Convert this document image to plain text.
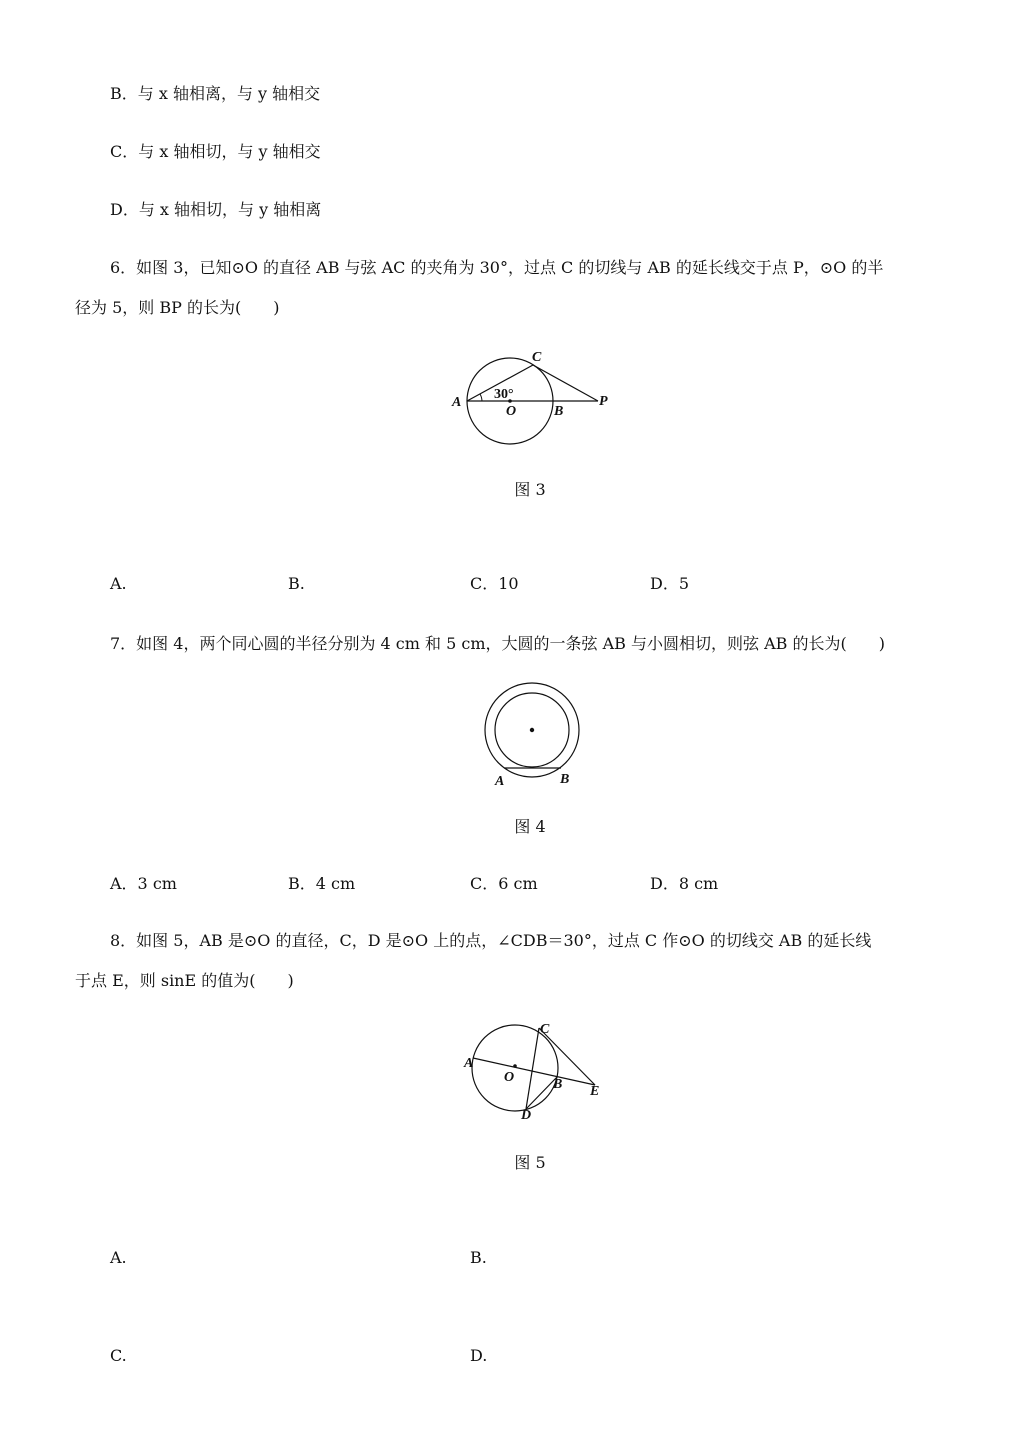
B．与 x 轴相离，与 y 轴相交
C．与 x 轴相切，与 y 轴相交
D．与 x 轴相切，与 y 轴相离
6．如图 3，已知⊙O 的直径 AB 与弦 AC 的夹角为 30°，过点 C 的切线与 AB 的延长线交于点 P，⊙O 的半
径为 5，则 BP 的长为(　　)
A
C
O	B
P
30°
图 3
A.	B.	C．10	D．5
7．如图 4，两个同心圆的半径分别为 4 cm 和 5 cm，大圆的一条弦 AB 与小圆相切，则弦 AB 的长为(　　)
A	B
图 4
A．3 cm	B．4 cm	C．6 cm	D．8 cm
8．如图 5，AB 是⊙O 的直径，C，D 是⊙O 上的点，∠CDB＝30°，过点 C 作⊙O 的切线交 AB 的延长线
于点 E，则 sinE 的值为(　　)
A
O
C
B
D
E
图 5
A.	B.
C.	D.
